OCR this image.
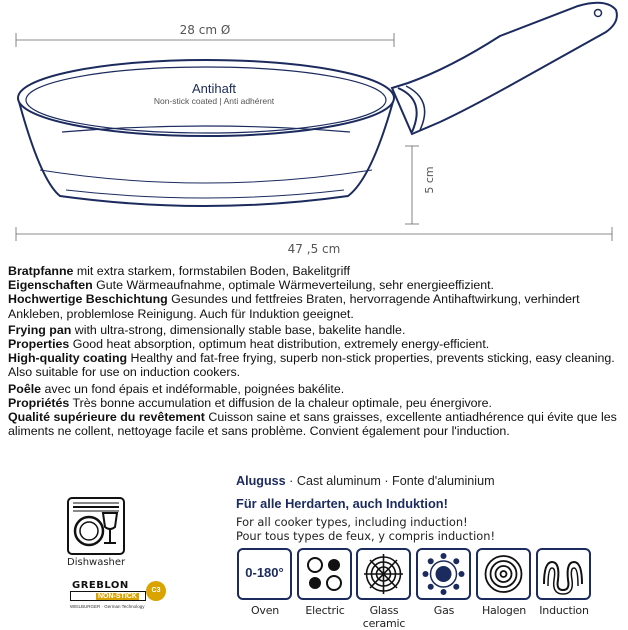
28 cm Ø
Antihaft
Non-stick coated | Anti adhérent
5 cm
47 ,5 cm

Bratpfanne mit extra starkem, formstabilen Boden, Bakelitgriff
Eigenschaften Gute Wärmeaufnahme, optimale Wärmeverteilung, sehr energieeffizient.
Hochwertige Beschichtung Gesundes und fettfreies Braten, hervorragende Antihaftwirkung, verhindert Ankleben, problemlose Reinigung. Auch für Induktion geeignet.

Frying pan with ultra-strong, dimensionally stable base, bakelite handle.
Properties Good heat absorption, optimum heat distribution, extremely energy-efficient.
High-quality coating Healthy and fat-free frying, superb non-stick properties, prevents sticking, easy cleaning. Also suitable for use on induction cookers.

Poêle avec un fond épais et indéformable, poignées bakélite.
Propriétés Très bonne accumulation et diffusion de la chaleur optimale, peu énergivore.
Qualité supérieure du revêtement Cuisson saine et sans graisses, excellente antiadhérence qui évite que les aliments ne collent, nettoyage facile et sans problème. Convient également pour l'induction.

Aluguss · Cast aluminum · Fonte d'aluminium
Für alle Herdarten, auch Induktion!
For all cooker types, including induction!
Pour tous types de feux, y compris induction!
Dishwasher
GREBLON
NON-STICK
C3
WEILBURGER · German Technology
0-180°
Oven	Electric	Glass ceramic
Gas	Halogen	Induction
